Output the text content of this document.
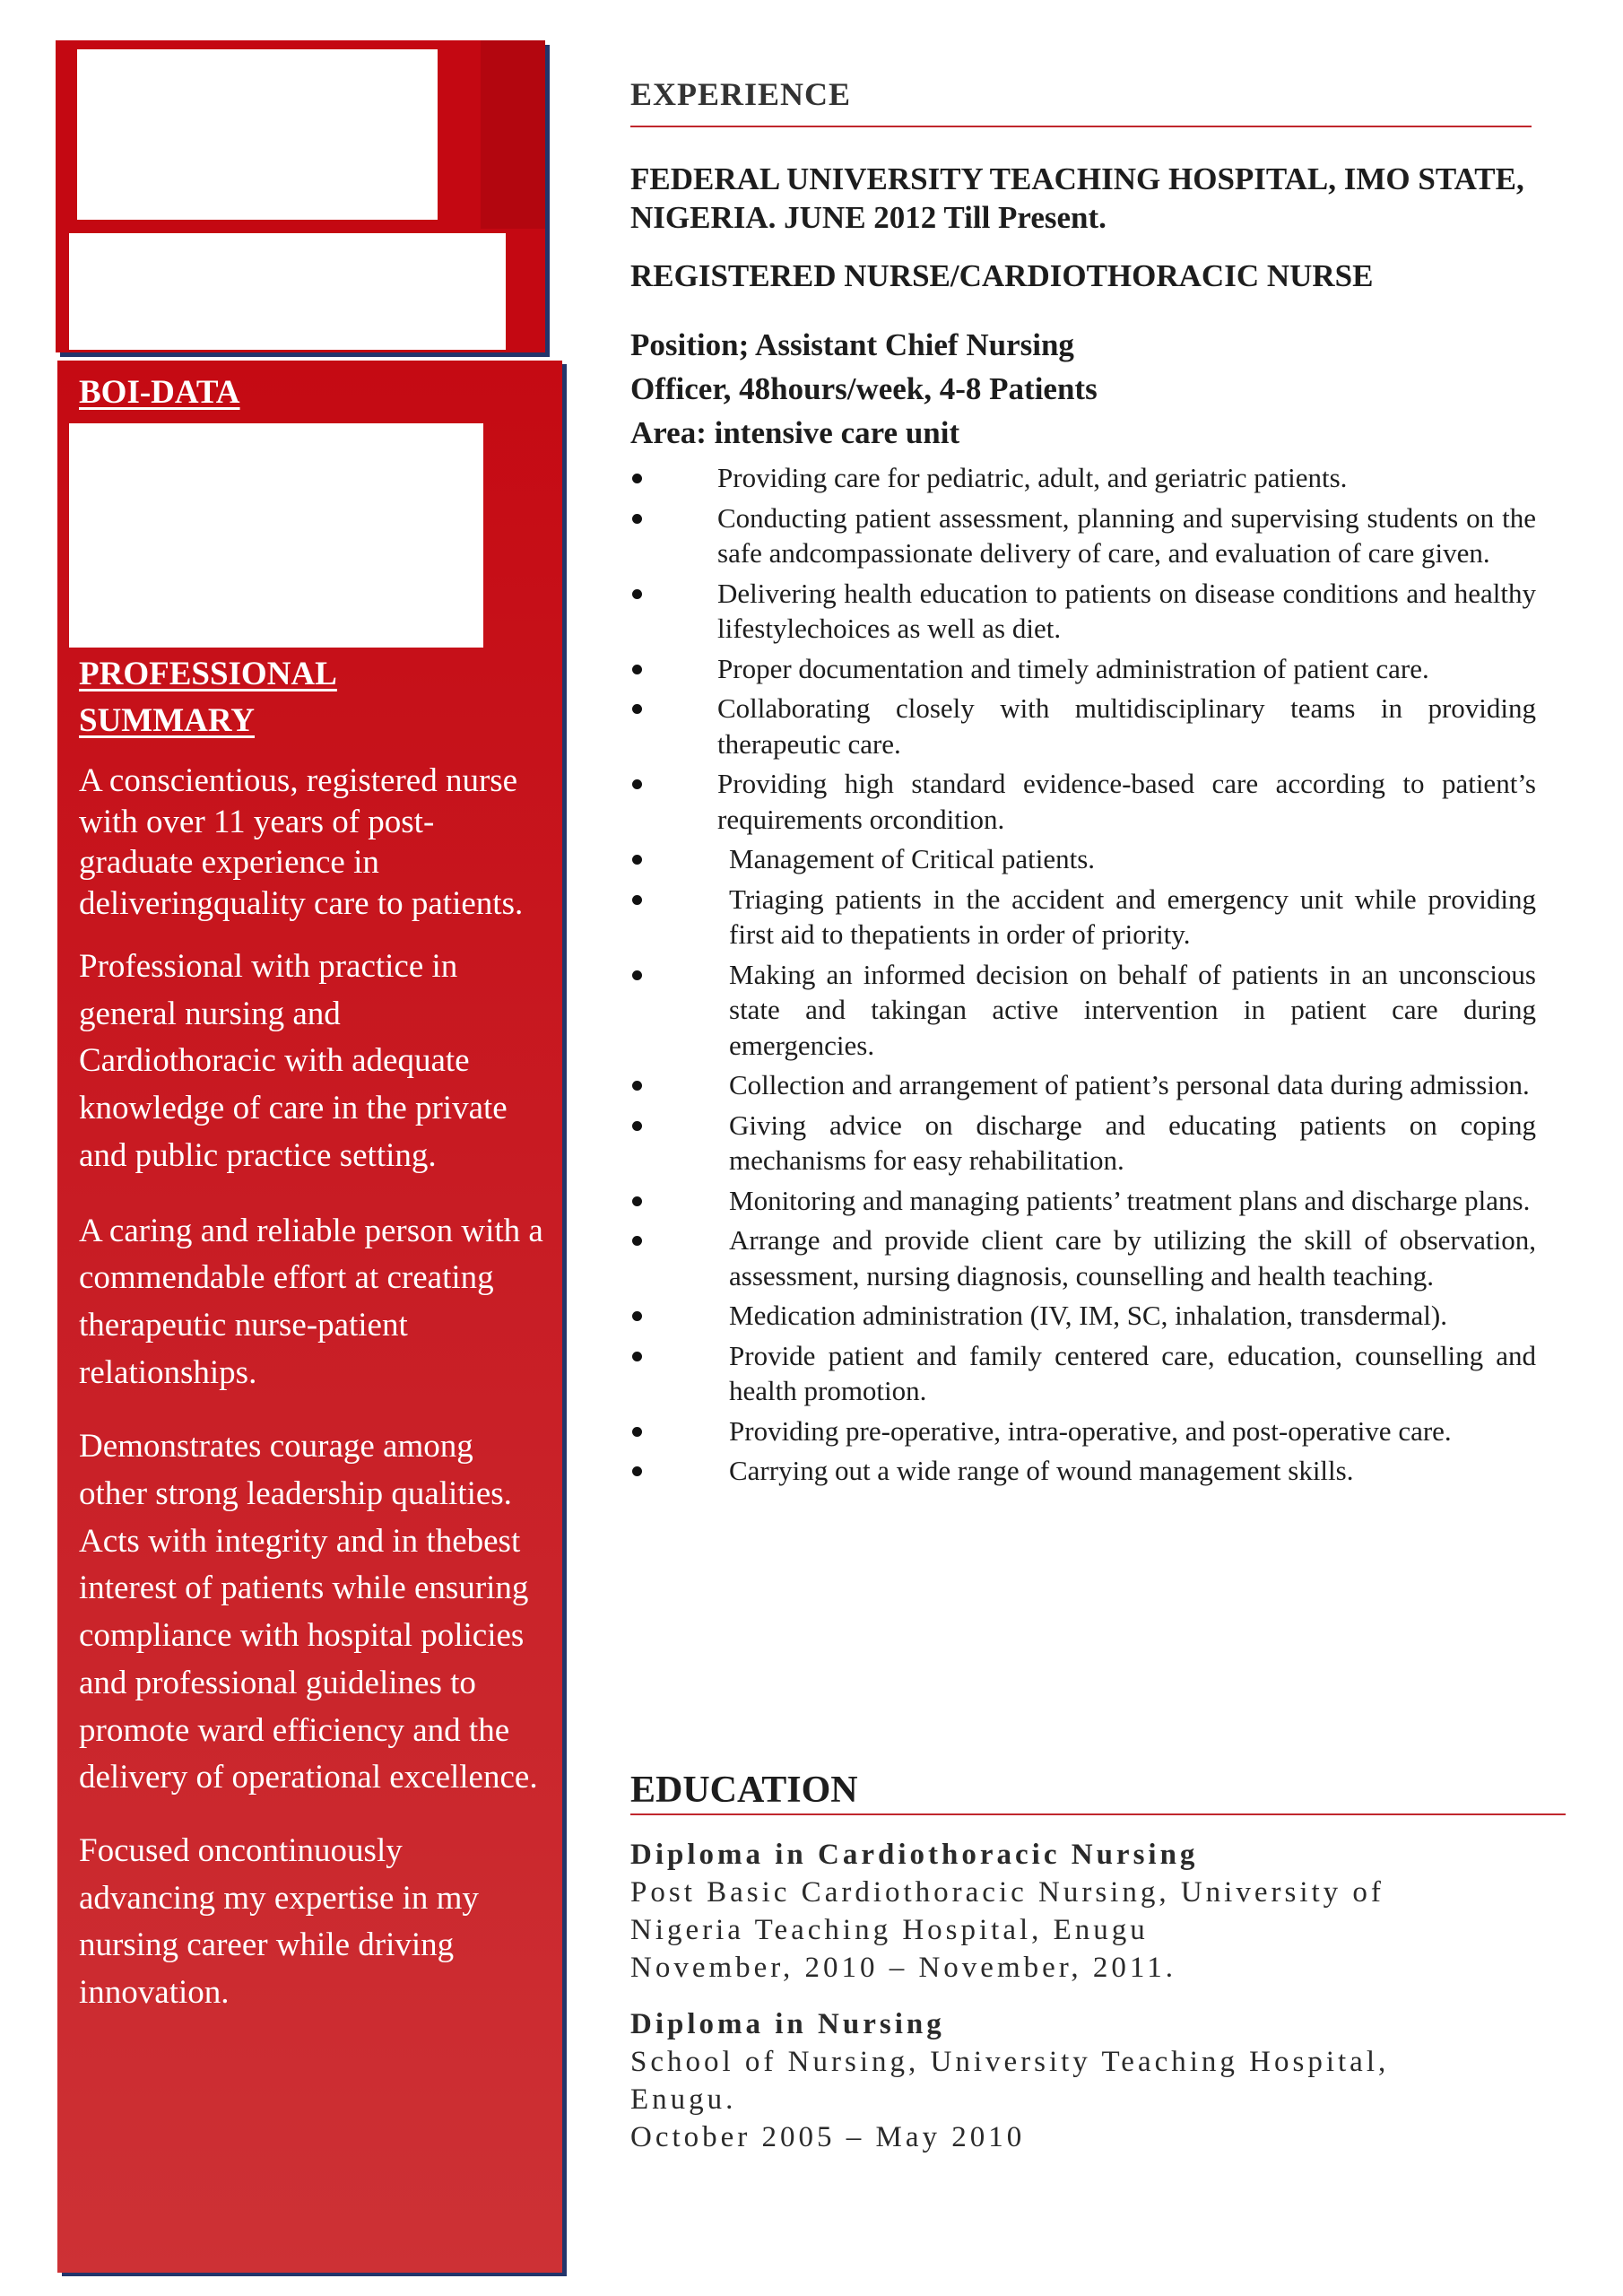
BOI-DATA
PROFESSIONAL
SUMMARY

A conscientious, registered nurse with over 11 years of post-graduate experience in deliveringquality care to patients.

Professional with practice in general nursing and Cardiothoracic with adequate knowledge of care in the private and public practice setting.

A caring and reliable person with a commendable effort at creating therapeutic nurse-patient relationships.

Demonstrates courage among other strong leadership qualities. Acts with integrity and in thebest interest of patients while ensuring compliance with hospital policies and professional guidelines to promote ward efficiency and the delivery of operational excellence.

Focused oncontinuously advancing my expertise in my nursing career while driving innovation.

EXPERIENCE

FEDERAL UNIVERSITY TEACHING HOSPITAL, IMO STATE, NIGERIA. JUNE 2012 Till Present.

REGISTERED NURSE/CARDIOTHORACIC NURSE

Position; Assistant Chief Nursing
Officer, 48hours/week, 4-8 Patients
Area: intensive care unit

Providing care for pediatric, adult, and geriatric patients.
Conducting patient assessment, planning and supervising students on the safe andcompassionate delivery of care, and evaluation of care given.
Delivering health education to patients on disease conditions and healthy lifestylechoices as well as diet.
Proper documentation and timely administration of patient care.
Collaborating closely with multidisciplinary teams in providing therapeutic care.
Providing high standard evidence-based care according to patient’s requirements orcondition.
Management of Critical patients.
Triaging patients in the accident and emergency unit while providing first aid to thepatients in order of priority.
Making an informed decision on behalf of patients in an unconscious state and takingan active intervention in patient care during emergencies.
Collection and arrangement of patient’s personal data during admission.
Giving advice on discharge and educating patients on coping mechanisms for easy rehabilitation.
Monitoring and managing patients’ treatment plans and discharge plans.
Arrange and provide client care by utilizing the skill of observation, assessment, nursing diagnosis, counselling and health teaching.
Medication administration (IV, IM, SC, inhalation, transdermal).
Provide patient and family centered care, education, counselling and health promotion.
Providing pre-operative, intra-operative, and post-operative care.
Carrying out a wide range of wound management skills.
EDUCATION

Diploma in Cardiothoracic Nursing
Post Basic Cardiothoracic Nursing, University of
Nigeria Teaching Hospital, Enugu
November, 2010 – November, 2011.

Diploma in Nursing
School of Nursing, University Teaching Hospital,
Enugu.
October 2005 – May 2010
